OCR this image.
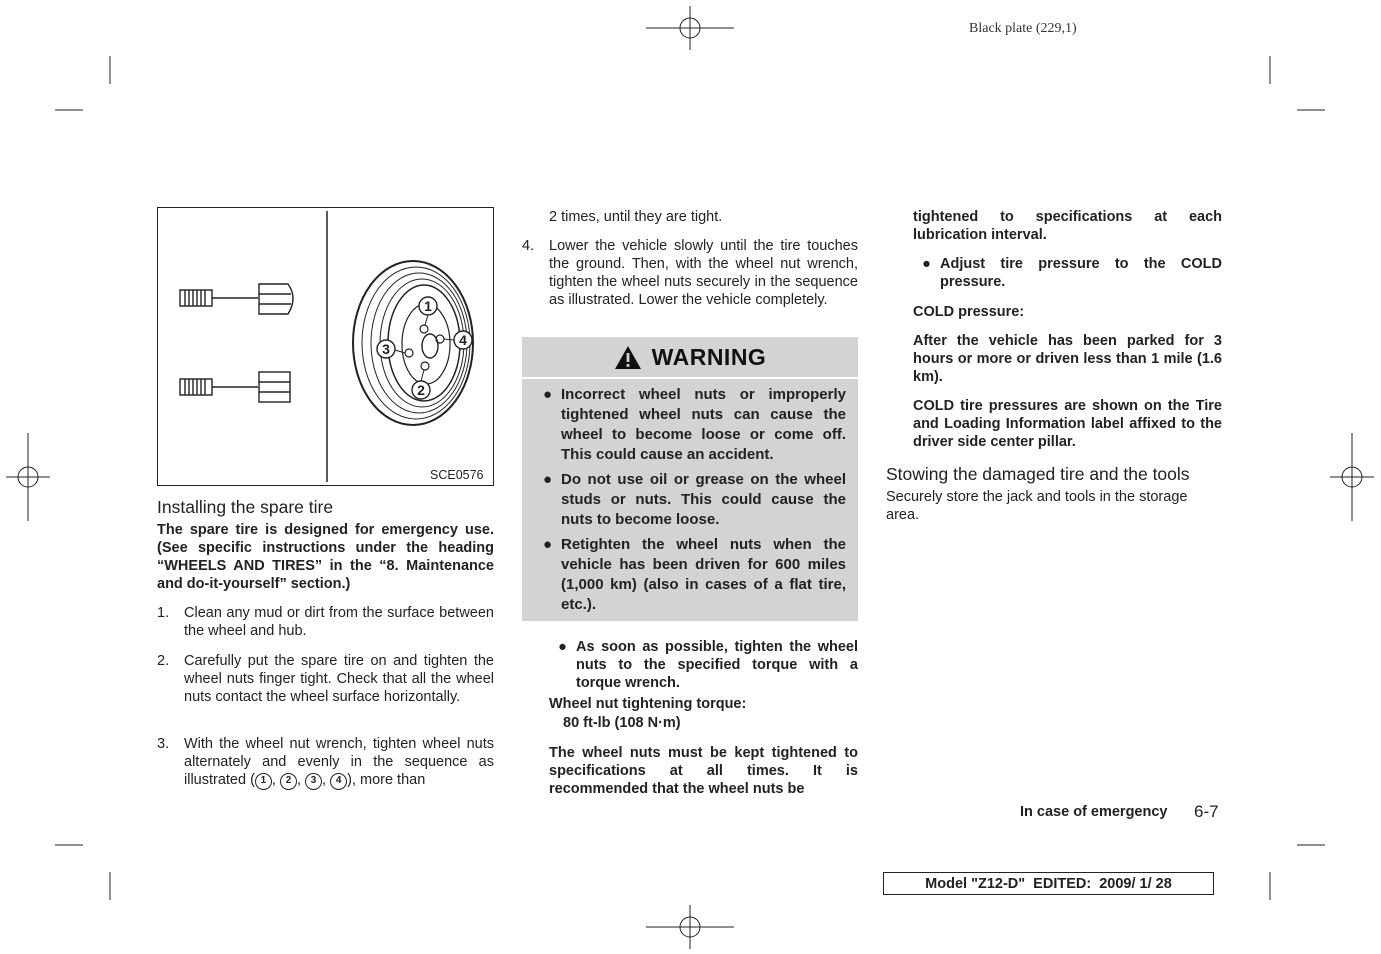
Black plate (229,1)
1
2
3
4
SCE0576
Installing the spare tire
The spare tire is designed for emergency use. (See specific instructions under the heading “WHEELS AND TIRES” in the “8. Maintenance and do-it-yourself” section.)
1.	Clean any mud or dirt from the surface between the wheel and hub.
2.	Carefully put the spare tire on and tighten the wheel nuts finger tight. Check that all the wheel nuts contact the wheel surface horizontally.
3.	With the wheel nut wrench, tighten wheel nuts alternately and evenly in the sequence as illustrated ( 1 , 2 , 3 , 4 ), more than
2 times, until they are tight.
4.	Lower the vehicle slowly until the tire touches the ground. Then, with the wheel nut wrench, tighten the wheel nuts securely in the sequence as illustrated. Lower the vehicle completely.
WARNING
● Incorrect wheel nuts or improperly tightened wheel nuts can cause the wheel to become loose or come off. This could cause an accident.
● Do not use oil or grease on the wheel studs or nuts. This could cause the nuts to become loose.
● Retighten the wheel nuts when the vehicle has been driven for 600 miles (1,000 km) (also in cases of a flat tire, etc.).
● As soon as possible, tighten the wheel nuts to the specified torque with a torque wrench.
Wheel nut tightening torque:
80 ft-lb (108 N·m)
The wheel nuts must be kept tightened to specifications at all times. It is recommended that the wheel nuts be
tightened to specifications at each lubrication interval.
● Adjust tire pressure to the COLD pressure.
COLD pressure:
After the vehicle has been parked for 3 hours or more or driven less than 1 mile (1.6 km).
COLD tire pressures are shown on the Tire and Loading Information label affixed to the driver side center pillar.
Stowing the damaged tire and the tools
Securely store the jack and tools in the storage area.
In case of emergency 6-7
Model "Z12-D"  EDITED:  2009/ 1/ 28
